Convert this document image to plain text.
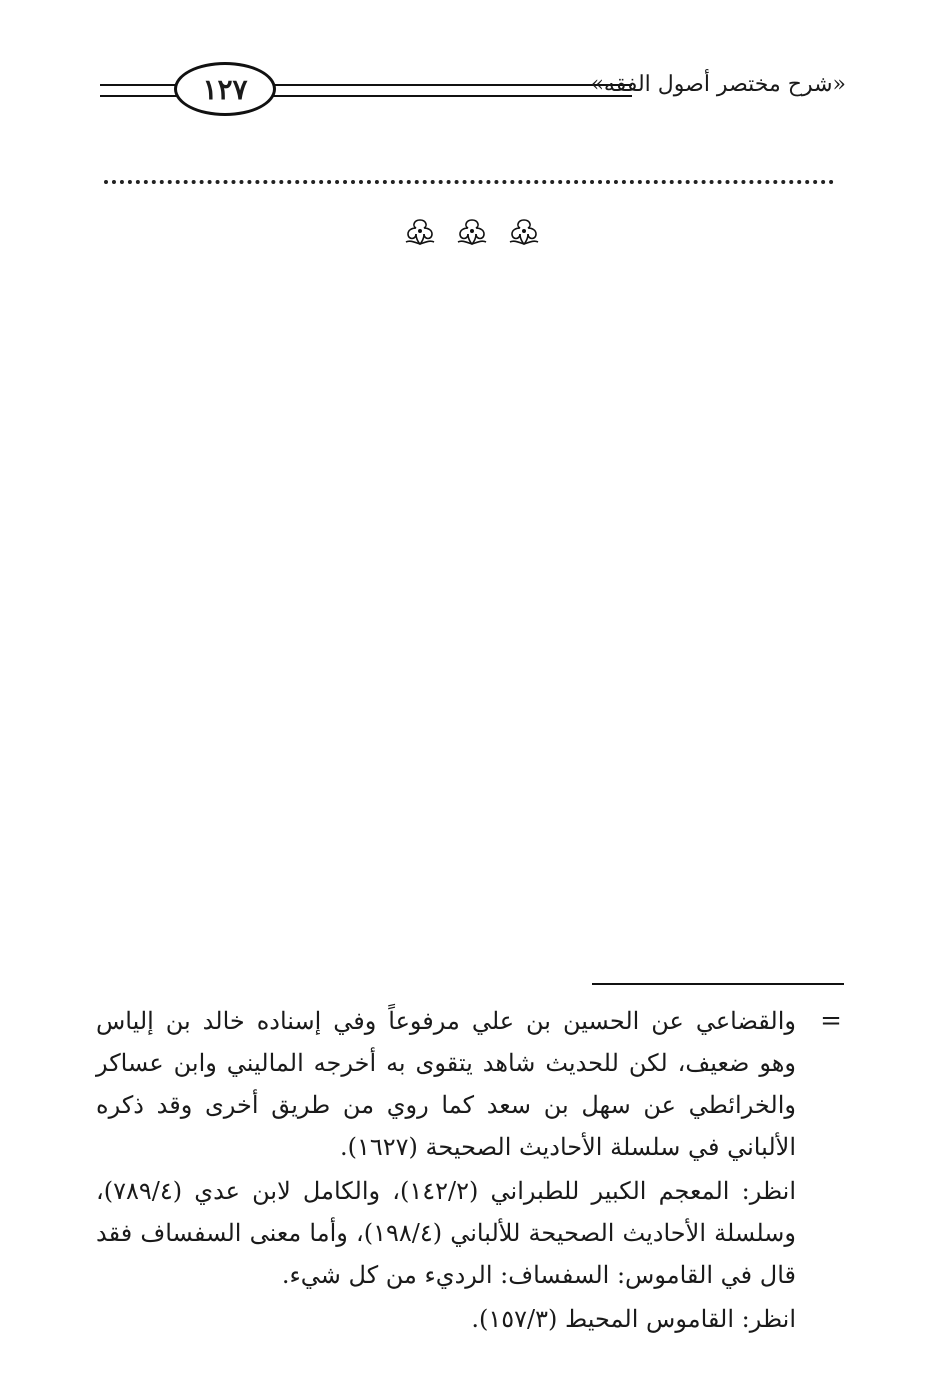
١٢٧	«شرح مختصر أصول الفقه»
=

والقضاعي عن الحسين بن علي مرفوعاً وفي إسناده خالد بن إلياس وهو ضعيف، لكن للحديث شاهد يتقوى به أخرجه الماليني وابن عساكر والخرائطي عن سهل بن سعد كما روي من طريق أخرى وقد ذكره الألباني في سلسلة الأحاديث الصحيحة (١٦٢٧).

انظر: المعجم الكبير للطبراني (١٤٢/٢)، والكامل لابن عدي (٧٨٩/٤)، وسلسلة الأحاديث الصحيحة للألباني (١٩٨/٤)، وأما معنى السفساف فقد قال في القاموس: السفساف: الرديء من كل شيء.

انظر: القاموس المحيط (١٥٧/٣).
